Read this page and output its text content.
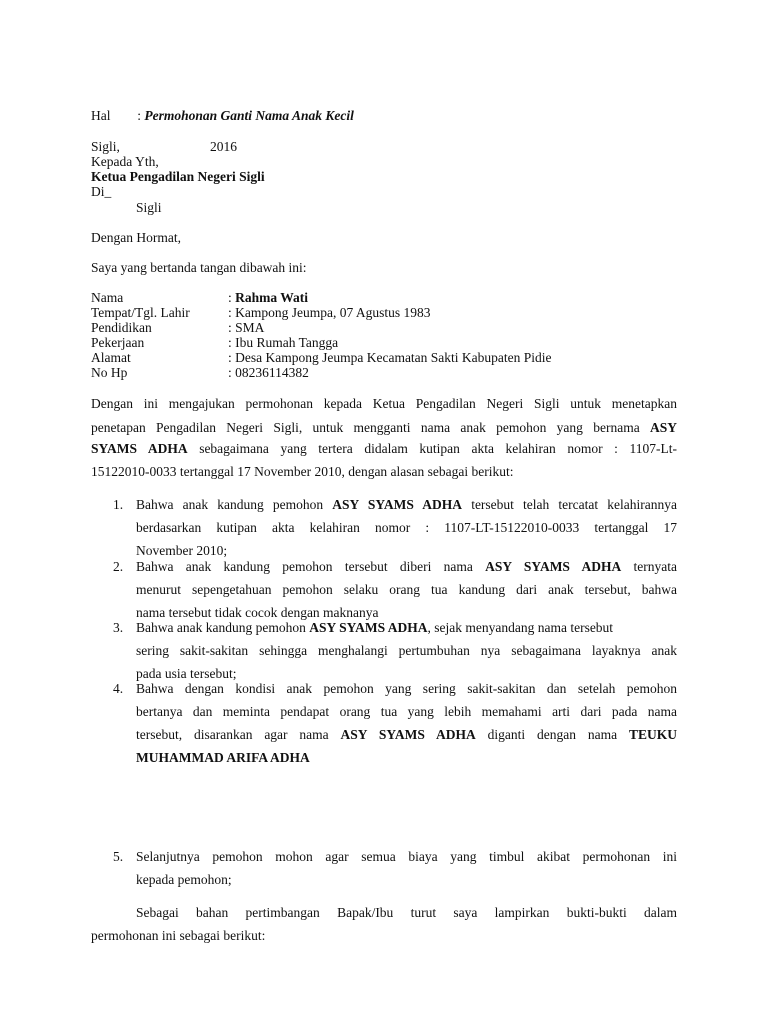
Hal : Permohonan Ganti Nama Anak Kecil
Sigli,	2016
Kepada Yth,
Ketua Pengadilan Negeri Sigli
Di_
Sigli
Dengan Hormat,
Saya yang bertanda tangan dibawah ini:
Nama	: Rahma Wati
Tempat/Tgl. Lahir	: Kampong Jeumpa, 07 Agustus 1983
Pendidikan	: SMA
Pekerjaan	: Ibu Rumah Tangga
Alamat	: Desa Kampong Jeumpa Kecamatan Sakti Kabupaten Pidie
No Hp	: 08236114382
Dengan ini mengajukan permohonan kepada Ketua Pengadilan Negeri Sigli untuk menetapkan
penetapan Pengadilan Negeri Sigli, untuk mengganti nama anak pemohon yang bernama ASY
SYAMS ADHA sebagaimana yang tertera didalam kutipan akta kelahiran nomor : 1107-Lt-
15122010-0033 tertanggal 17 November 2010, dengan alasan sebagai berikut:
1. Bahwa anak kandung pemohon ASY SYAMS ADHA tersebut telah tercatat kelahirannya
berdasarkan kutipan akta kelahiran nomor : 1107-LT-15122010-0033 tertanggal 17
November 2010;
2. Bahwa anak kandung pemohon tersebut diberi nama ASY SYAMS ADHA ternyata
menurut sepengetahuan pemohon selaku orang tua kandung dari anak tersebut, bahwa
nama tersebut tidak cocok dengan maknanya
3. Bahwa anak kandung pemohon ASY SYAMS ADHA, sejak menyandang nama tersebut
sering sakit-sakitan sehingga menghalangi pertumbuhan nya sebagaimana layaknya anak
pada usia tersebut;
4. Bahwa dengan kondisi anak pemohon yang sering sakit-sakitan dan setelah pemohon
bertanya dan meminta pendapat orang tua yang lebih memahami arti dari pada nama
tersebut, disarankan agar nama ASY SYAMS ADHA diganti dengan nama TEUKU
MUHAMMAD ARIFA ADHA
5. Selanjutnya pemohon mohon agar semua biaya yang timbul akibat permohonan ini
kepada pemohon;
Sebagai bahan pertimbangan Bapak/Ibu turut saya lampirkan bukti-bukti dalam
permohonan ini sebagai berikut:
